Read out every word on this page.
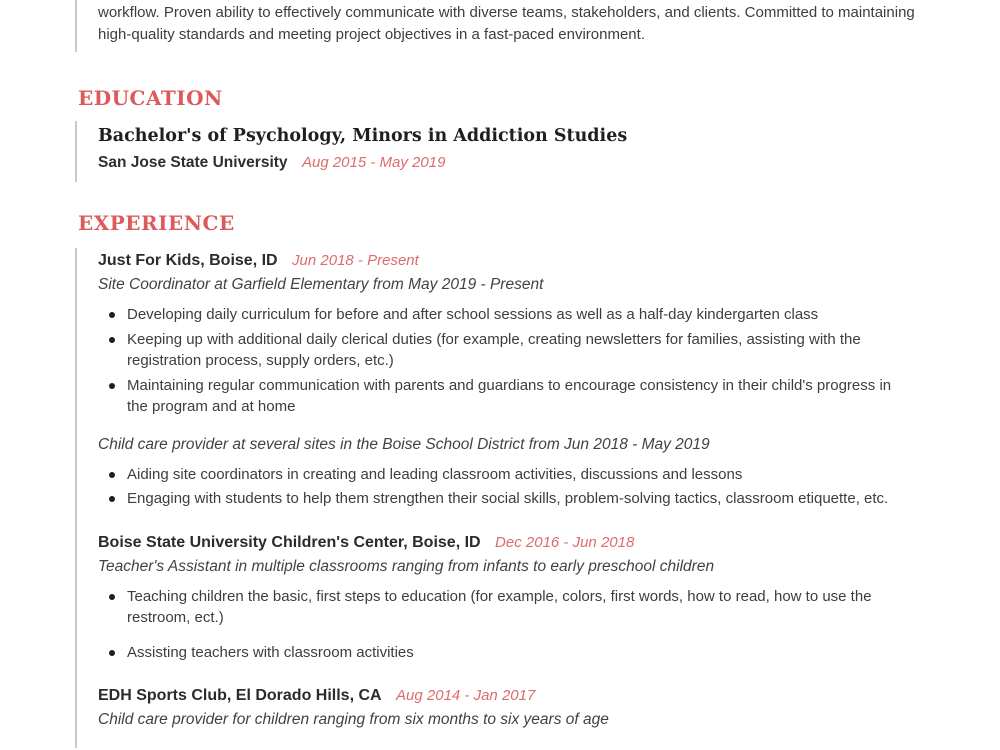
workflow. Proven ability to effectively communicate with diverse teams, stakeholders, and clients. Committed to maintaining high-quality standards and meeting project objectives in a fast-paced environment.
EDUCATION
Bachelor's of Psychology, Minors in Addiction Studies
San Jose State University Aug 2015 - May 2019
EXPERIENCE
Just For Kids, Boise, ID Jun 2018 - Present
Site Coordinator at Garfield Elementary from May 2019 - Present
Developing daily curriculum for before and after school sessions as well as a half-day kindergarten class
Keeping up with additional daily clerical duties (for example, creating newsletters for families, assisting with the registration process, supply orders, etc.)
Maintaining regular communication with parents and guardians to encourage consistency in their child's progress in the program and at home
Child care provider at several sites in the Boise School District from Jun 2018 - May 2019
Aiding site coordinators in creating and leading classroom activities, discussions and lessons
Engaging with students to help them strengthen their social skills, problem-solving tactics, classroom etiquette, etc.
Boise State University Children's Center, Boise, ID Dec 2016 - Jun 2018
Teacher's Assistant in multiple classrooms ranging from infants to early preschool children
Teaching children the basic, first steps to education (for example, colors, first words, how to read, how to use the restroom, ect.)
Assisting teachers with classroom activities
EDH Sports Club, El Dorado Hills, CA Aug 2014 - Jan 2017
Child care provider for children ranging from six months to six years of age
